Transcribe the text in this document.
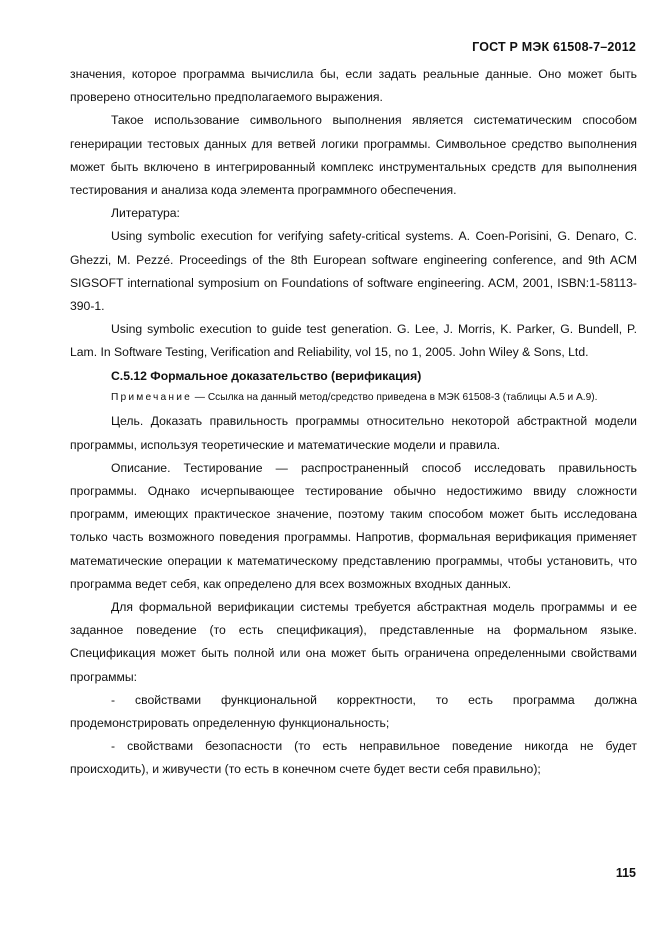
ГОСТ Р МЭК 61508-7–2012

значения, которое программа вычислила бы, если задать реальные данные. Оно может быть проверено относительно предполагаемого выражения.

Такое использование символьного выполнения является систематическим способом генерирации тестовых данных для ветвей логики программы. Символьное средство выполнения может быть включено в интегрированный комплекс инструментальных средств для выполнения тестирования и анализа кода элемента программного обеспечения.

Литература:

Using symbolic execution for verifying safety-critical systems. A. Coen-Porisini, G. Denaro, C. Ghezzi, M. Pezzé. Proceedings of the 8th European software engineering conference, and 9th ACM SIGSOFT international symposium on Foundations of software engineering. ACM, 2001, ISBN:1-58113-390-1.

Using symbolic execution to guide test generation. G. Lee, J. Morris, K. Parker, G. Bundell, P. Lam. In Software Testing, Verification and Reliability, vol 15, no 1, 2005. John Wiley & Sons, Ltd.

С.5.12 Формальное доказательство (верификация)

Примечание — Ссылка на данный метод/средство приведена в МЭК 61508-3 (таблицы А.5 и А.9).

Цель. Доказать правильность программы относительно некоторой абстрактной модели программы, используя теоретические и математические модели и правила.

Описание. Тестирование — распространенный способ исследовать правильность программы. Однако исчерпывающее тестирование обычно недостижимо ввиду сложности программ, имеющих практическое значение, поэтому таким способом может быть исследована только часть возможного поведения программы. Напротив, формальная верификация применяет математические операции к математическому представлению программы, чтобы установить, что программа ведет себя, как определено для всех возможных входных данных.

Для формальной верификации системы требуется абстрактная модель программы и ее заданное поведение (то есть спецификация), представленные на формальном языке. Спецификация может быть полной или она может быть ограничена определенными свойствами программы:

- свойствами функциональной корректности, то есть программа должна продемонстрировать определенную функциональность;

- свойствами безопасности (то есть неправильное поведение никогда не будет происходить), и живучести (то есть в конечном счете будет вести себя правильно);

115
